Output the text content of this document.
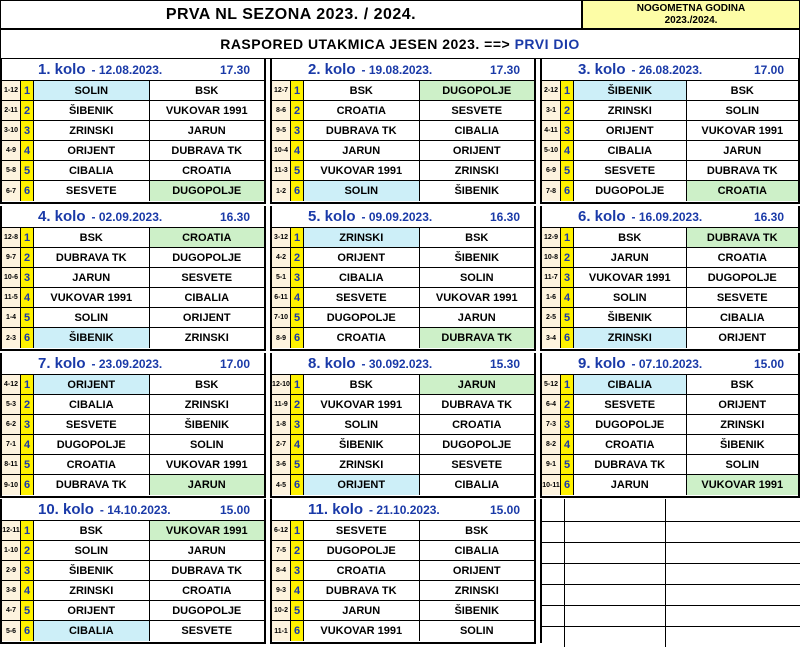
PRVA NL SEZONA 2023. / 2024.	NOGOMETNA GODINA
2023./2024.
RASPORED UTAKMICA JESEN 2023.
==>
PRVI DIO
1. kolo - 12.08.2023.	17.30
1-12 1	SOLIN	BSK
2-11 2	ŠIBENIK	VUKOVAR 1991
3-10 3	ZRINSKI	JARUN
4-9 4	ORIJENT	DUBRAVA TK
5-8 5	CIBALIA	CROATIA
6-7 6	SESVETE	DUGOPOLJE
2. kolo - 19.08.2023.	17.30
12-7 1	BSK	DUGOPOLJE
8-6 2	CROATIA	SESVETE
9-5 3	DUBRAVA TK	CIBALIA
10-4 4	JARUN	ORIJENT
11-3 5	VUKOVAR 1991	ZRINSKI
1-2 6	SOLIN	ŠIBENIK
3. kolo - 26.08.2023.	17.00
2-12 1	ŠIBENIK	BSK
3-1 2	ZRINSKI	SOLIN
4-11 3	ORIJENT	VUKOVAR 1991
5-10 4	CIBALIA	JARUN
6-9 5	SESVETE	DUBRAVA TK
7-8 6	DUGOPOLJE	CROATIA
4. kolo - 02.09.2023.	16.30
12-8 1	BSK	CROATIA
9-7 2	DUBRAVA TK	DUGOPOLJE
10-6 3	JARUN	SESVETE
11-5 4	VUKOVAR 1991	CIBALIA
1-4 5	SOLIN	ORIJENT
2-3 6	ŠIBENIK	ZRINSKI
5. kolo - 09.09.2023.	16.30
3-12 1	ZRINSKI	BSK
4-2 2	ORIJENT	ŠIBENIK
5-1 3	CIBALIA	SOLIN
6-11 4	SESVETE	VUKOVAR 1991
7-10 5	DUGOPOLJE	JARUN
8-9 6	CROATIA	DUBRAVA TK
6. kolo - 16.09.2023.	16.30
12-9 1	BSK	DUBRAVA TK
10-8 2	JARUN	CROATIA
11-7 3	VUKOVAR 1991	DUGOPOLJE
1-6 4	SOLIN	SESVETE
2-5 5	ŠIBENIK	CIBALIA
3-4 6	ZRINSKI	ORIJENT
7. kolo - 23.09.2023.	17.00
4-12 1	ORIJENT	BSK
5-3 2	CIBALIA	ZRINSKI
6-2 3	SESVETE	ŠIBENIK
7-1 4	DUGOPOLJE	SOLIN
8-11 5	CROATIA	VUKOVAR 1991
9-10 6	DUBRAVA TK	JARUN
8. kolo - 30.092.023.	15.30
12-10 1	BSK	JARUN
11-9 2	VUKOVAR 1991	DUBRAVA TK
1-8 3	SOLIN	CROATIA
2-7 4	ŠIBENIK	DUGOPOLJE
3-6 5	ZRINSKI	SESVETE
4-5 6	ORIJENT	CIBALIA
9. kolo - 07.10.2023.	15.00
5-12 1	CIBALIA	BSK
6-4 2	SESVETE	ORIJENT
7-3 3	DUGOPOLJE	ZRINSKI
8-2 4	CROATIA	ŠIBENIK
9-1 5	DUBRAVA TK	SOLIN
10-11 6	JARUN	VUKOVAR 1991
10. kolo - 14.10.2023.	15.00
12-11 1	BSK	VUKOVAR 1991
1-10 2	SOLIN	JARUN
2-9 3	ŠIBENIK	DUBRAVA TK
3-8 4	ZRINSKI	CROATIA
4-7 5	ORIJENT	DUGOPOLJE
5-6 6	CIBALIA	SESVETE
11. kolo - 21.10.2023.	15.00
6-12 1	SESVETE	BSK
7-5 2	DUGOPOLJE	CIBALIA
8-4 3	CROATIA	ORIJENT
9-3 4	DUBRAVA TK	ZRINSKI
10-2 5	JARUN	ŠIBENIK
11-1 6	VUKOVAR 1991	SOLIN
